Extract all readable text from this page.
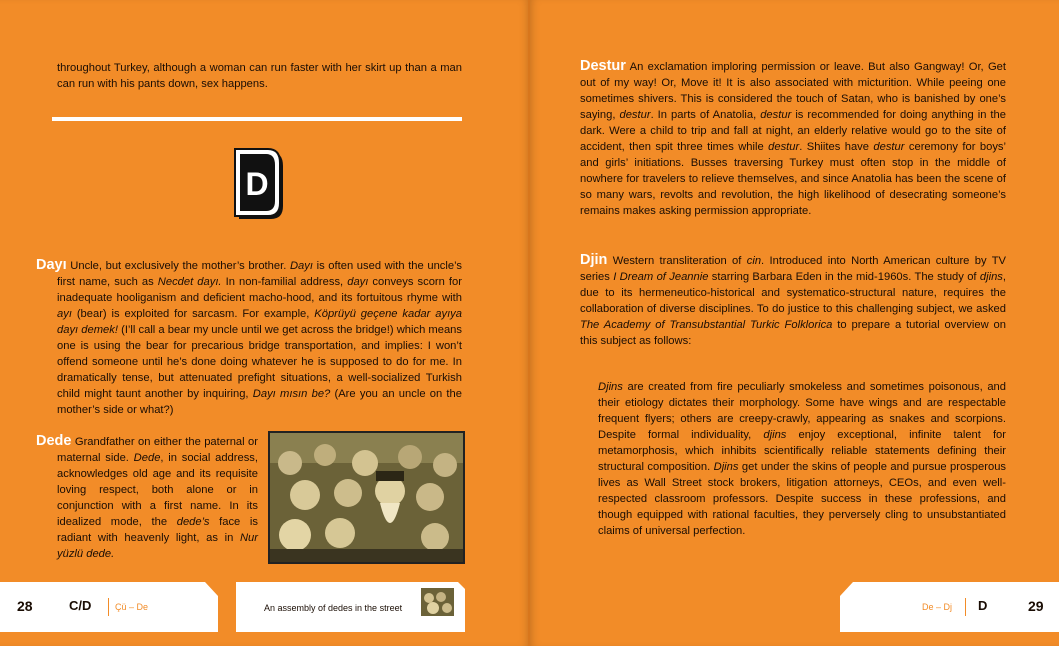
throughout Turkey, although a woman can run faster with her skirt up than a man can run with his pants down, sex happens.

D

Dayı Uncle, but exclusively the mother’s brother. Dayı is often used with the uncle’s first name, such as Necdet dayı. In non-familial address, dayı conveys scorn for inadequate hooliganism and deficient macho-hood, and its fortuitous rhyme with ayı (bear) is exploited for sarcasm. For example, Köprüyü geçene kadar ayıya dayı demek! (I’ll call a bear my uncle until we get across the bridge!) which means one is using the bear for precarious bridge transportation, and implies: I won’t offend someone until he’s done doing whatever he is supposed to do for me. In dramatically tense, but attenuated prefight situations, a well-socialized Turkish child might taunt another by inquiring, Dayı mısın be? (Are you an uncle on the mother’s side or what?)

Dede Grandfather on either the paternal or maternal side. Dede, in social address, acknowledges old age and its requisite loving respect, both alone or in conjunction with a first name. In its idealized mode, the dede’s face is radiant with heavenly light, as in Nur yüzlü dede.

28	C/D	Çü – De	An assembly of dedes in the street

Destur An exclamation imploring permission or leave. But also Gangway! Or, Get out of my way! Or, Move it! It is also associated with micturition. While peeing one sometimes shivers. This is considered the touch of Satan, who is banished by one’s saying, destur. In parts of Anatolia, destur is recommended for doing anything in the dark. Were a child to trip and fall at night, an elderly relative would go to the site of accident, then spit three times while destur. Shiites have destur ceremony for boys’ and girls’ initiations. Busses traversing Turkey must often stop in the middle of nowhere for travelers to relieve themselves, and since Anatolia has been the scene of so many wars, revolts and revolution, the high likelihood of desecrating someone’s remains makes asking permission appropriate.

Djin Western transliteration of cin. Introduced into North American culture by TV series I Dream of Jeannie starring Barbara Eden in the mid-1960s. The study of djins, due to its hermeneutico-historical and systematico-structural nature, requires the collaboration of diverse disciplines. To do justice to this challenging subject, we asked The Academy of Transubstantial Turkic Folklorica to prepare a tutorial overview on this subject as follows:

Djins are created from fire peculiarly smokeless and sometimes poisonous, and their etiology dictates their morphology. Some have wings and are respectable frequent flyers; others are creepy-crawly, appearing as snakes and scorpions. Despite formal individuality, djins enjoy exceptional, infinite talent for metamorphosis, which inhibits scientifically reliable statements defining their structural composition. Djins get under the skins of people and pursue prosperous lives as Wall Street stock brokers, litigation attorneys, CEOs, and even well-respected classroom professors. Despite success in these professions, and though equipped with rational faculties, they perversely cling to unsubstantiated claims of universal perfection.

De – Dj D	29
